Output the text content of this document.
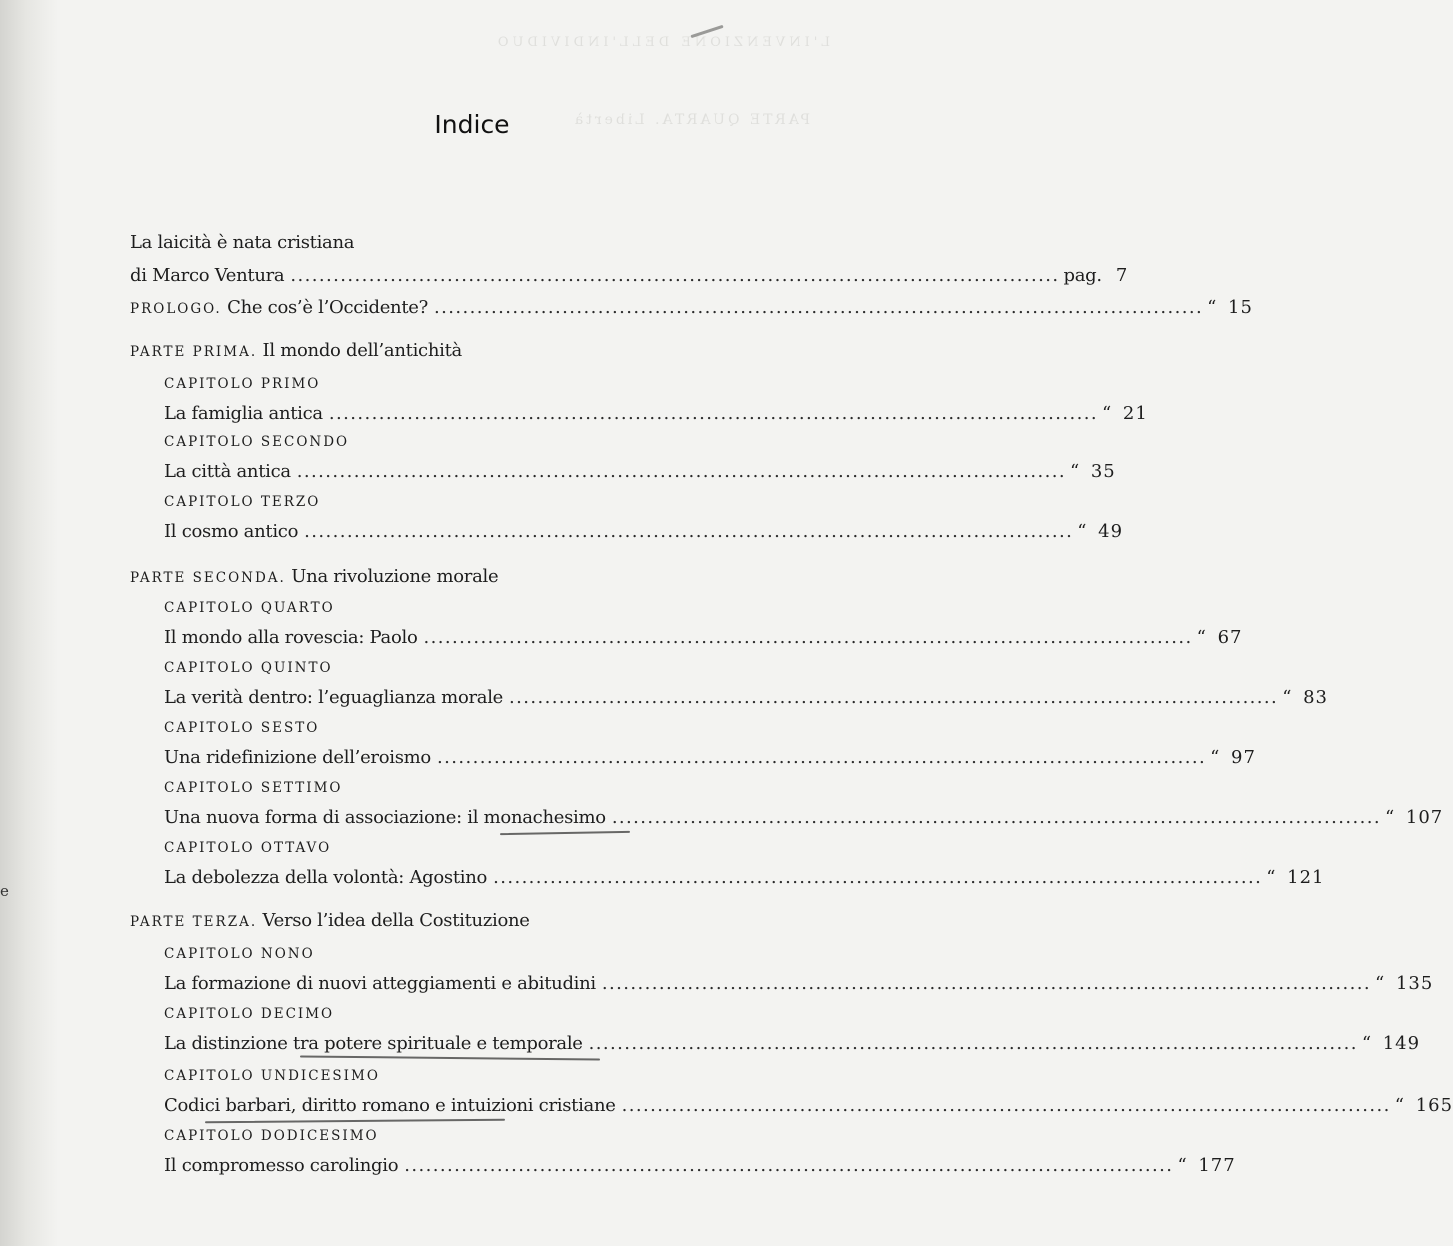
L'INVENZIONE DELL'INDIVIDUO
PARTE QUARTA. Libertà
e
Indice
La laicità è nata cristiana
di Marco Ventura ............................................................................................................ pag. 7
PROLOGO. Che cos’è l’Occidente? ............................................................................................................ “ 15
PARTE PRIMA. Il mondo dell’antichità
CAPITOLO PRIMO
La famiglia antica ............................................................................................................ “ 21
CAPITOLO SECONDO
La città antica ............................................................................................................ “ 35
CAPITOLO TERZO
Il cosmo antico ............................................................................................................ “ 49
PARTE SECONDA. Una rivoluzione morale
CAPITOLO QUARTO
Il mondo alla rovescia: Paolo ............................................................................................................ “ 67
CAPITOLO QUINTO
La verità dentro: l’eguaglianza morale ............................................................................................................ “ 83
CAPITOLO SESTO
Una ridefinizione dell’eroismo ............................................................................................................ “ 97
CAPITOLO SETTIMO
Una nuova forma di associazione: il monachesimo ............................................................................................................ “ 107
CAPITOLO OTTAVO
La debolezza della volontà: Agostino ............................................................................................................ “ 121
PARTE TERZA. Verso l’idea della Costituzione
CAPITOLO NONO
La formazione di nuovi atteggiamenti e abitudini ............................................................................................................ “ 135
CAPITOLO DECIMO
La distinzione tra potere spirituale e temporale ............................................................................................................ “ 149
CAPITOLO UNDICESIMO
Codici barbari, diritto romano e intuizioni cristiane ............................................................................................................ “ 165
CAPITOLO DODICESIMO
Il compromesso carolingio ............................................................................................................ “ 177
